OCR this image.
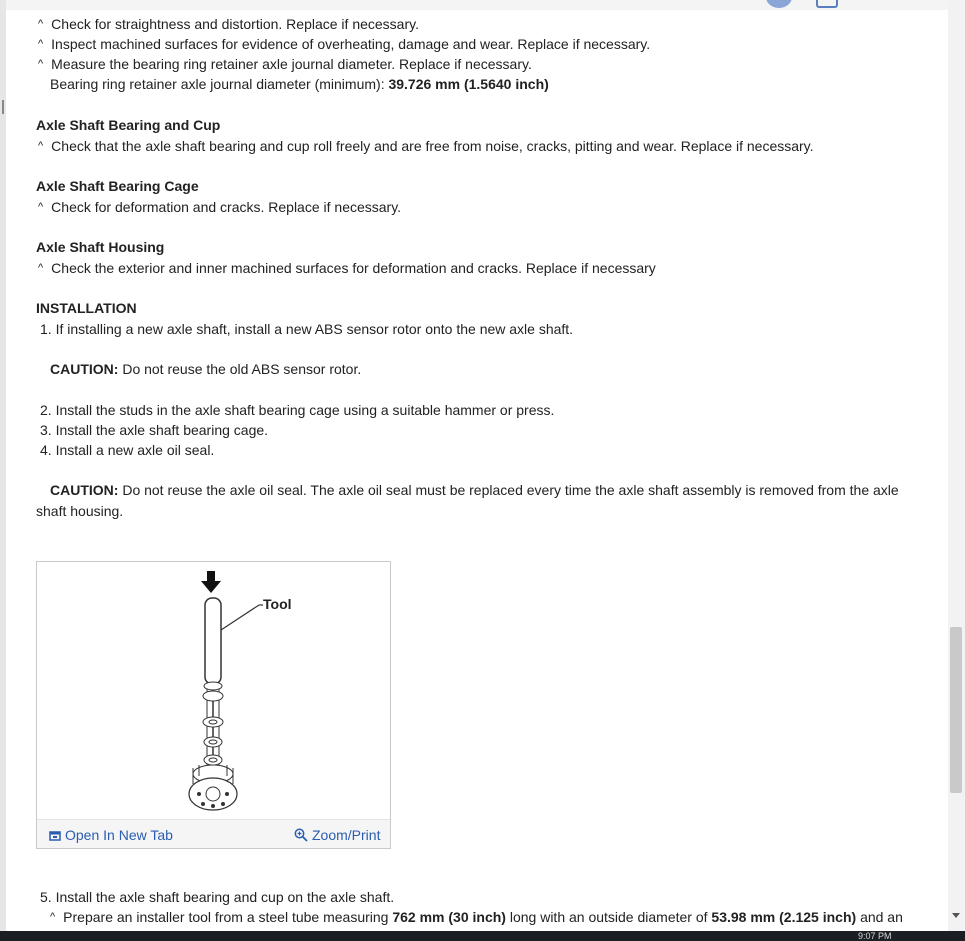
^ Check for straightness and distortion. Replace if necessary.
^ Inspect machined surfaces for evidence of overheating, damage and wear. Replace if necessary.
^ Measure the bearing ring retainer axle journal diameter. Replace if necessary.
Bearing ring retainer axle journal diameter (minimum): 39.726 mm (1.5640 inch)
Axle Shaft Bearing and Cup
^ Check that the axle shaft bearing and cup roll freely and are free from noise, cracks, pitting and wear. Replace if necessary.
Axle Shaft Bearing Cage
^ Check for deformation and cracks. Replace if necessary.
Axle Shaft Housing
^ Check the exterior and inner machined surfaces for deformation and cracks. Replace if necessary
INSTALLATION
1. If installing a new axle shaft, install a new ABS sensor rotor onto the new axle shaft.
CAUTION: Do not reuse the old ABS sensor rotor.
2. Install the studs in the axle shaft bearing cage using a suitable hammer or press.
3. Install the axle shaft bearing cage.
4. Install a new axle oil seal.
CAUTION: Do not reuse the axle oil seal. The axle oil seal must be replaced every time the axle shaft assembly is removed from the axle
shaft housing.
Tool
Open In New Tab	Zoom/Print
5. Install the axle shaft bearing and cup on the axle shaft.
^ Prepare an installer tool from a steel tube measuring 762 mm (30 inch) long with an outside diameter of 53.98 mm (2.125 inch) and an
9:07 PM
